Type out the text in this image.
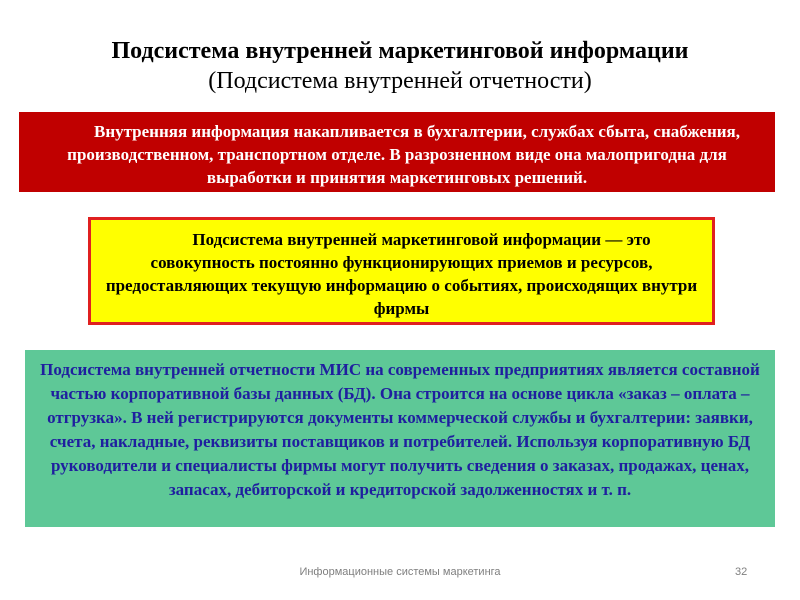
Подсистема внутренней маркетинговой информации
(Подсистема внутренней отчетности)
Внутренняя информация накапливается в бухгалтерии, службах сбыта, снабжения, производственном, транспортном отделе. В разрозненном виде она малопригодна для выработки и принятия маркетинговых решений.
Подсистема внутренней маркетинговой информации — это совокупность постоянно функционирующих приемов и ресурсов, предоставляющих текущую информацию о событиях, происходящих внутри фирмы
Подсистема внутренней отчетности МИС на современных предприятиях является составной частью корпоративной базы данных (БД). Она строится на основе цикла «заказ – оплата – отгрузка». В ней регистрируются документы коммерческой службы и бухгалтерии: заявки, счета, накладные, реквизиты поставщиков и потребителей. Используя корпоративную БД руководители и специалисты фирмы могут получить сведения о заказах, продажах, ценах, запасах, дебиторской и кредиторской задолженностях и т. п.
Информационные системы маркетинга	32
